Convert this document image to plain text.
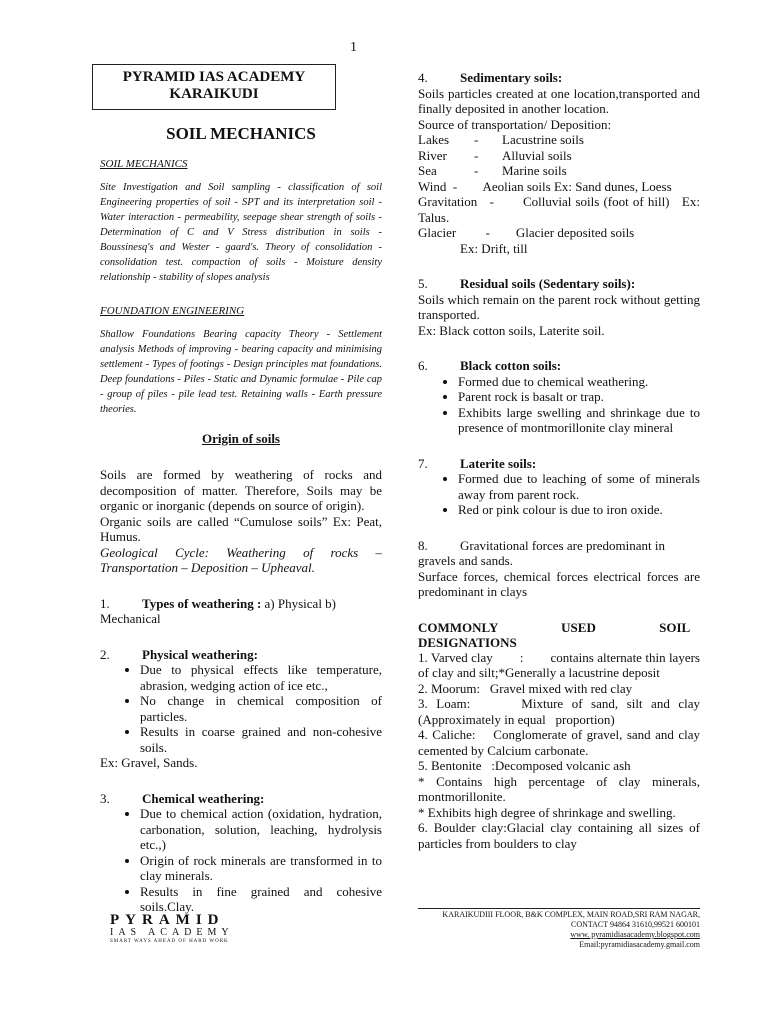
1
PYRAMID IAS ACADEMY
KARAIKUDI
SOIL MECHANICS
SOIL MECHANICS
Site Investigation and Soil sampling - classification of soil Engineering properties of soil - SPT and its interpretation soil - Water interaction - permeability, seepage shear strength of soils - Determination of C and V Stress distribution in soils - Boussinesq's and Wester - gaard's. Theory of consolidation - consolidation test. compaction of soils - Moisture density relationship - stability of slopes analysis
FOUNDATION ENGINEERING
Shallow Foundations Bearing capacity Theory - Settlement analysis Methods of improving - bearing capacity and minimising settlement - Types of footings - Design principles mat foundations. Deep foundations - Piles - Static and Dynamic formulae - Pile cap - group of piles - pile lead test. Retaining walls - Earth pressure theories.
Origin of soils

Soils are formed by weathering of rocks and decomposition of matter. Therefore, Soils may be organic or inorganic (depends on source of origin).

Organic soils are called “Cumulose soils” Ex: Peat, Humus.

Geological Cycle: Weathering of rocks – Transportation – Deposition – Upheaval.

1. Types of weathering : a) Physical b) Mechanical
2. Physical weathering:
• Due to physical effects like temperature, abrasion, wedging action of ice etc.,
• No change in chemical composition of particles.
• Results in coarse grained and non-cohesive soils.

Ex: Gravel, Sands.

3. Chemical weathering:
• Due to chemical action (oxidation, hydration, carbonation, solution, leaching, hydrolysis etc.,)
• Origin of rock minerals are transformed in to clay minerals.
• Results in fine grained and cohesive soils.Clay.
4. Sedimentary soils:

Soils particles created at one location,transported and finally deposited in another location.

Source of transportation/ Deposition:

Lakes - Lacustrine soils
River - Alluvial soils
Sea	- Marine soils

Wind  -        Aeolian soils Ex: Sand dunes, Loess

Gravitation   -       Colluvial soils (foot of hill)   Ex: Talus.

Glacier         -        Glacier deposited soils

Ex: Drift, till

5. Residual soils (Sedentary soils):

Soils which remain on the parent rock without getting transported.

Ex: Black cotton soils, Laterite soil.

6. Black cotton soils:
• Formed due to chemical weathering.
• Parent rock is basalt or trap.
• Exhibits large swelling and shrinkage due to presence of montmorillonite clay mineral
7. Laterite soils:
• Formed due to leaching of some of minerals away from parent rock.
• Red or pink colour is due to iron oxide.
8. Gravitational forces are predominant in gravels and sands.

Surface forces, chemical forces electrical forces are predominant in clays

COMMONLY USED SOIL DESIGNATIONS

1. Varved clay        :        contains alternate thin layers of clay and silt;*Generally a lacustrine deposit

2. Moorum:   Gravel mixed with red clay

3. Loam:      Mixture of sand, silt and clay (Approximately in equal   proportion)

4. Caliche:    Conglomerate of gravel, sand and clay cemented by Calcium carbonate.

5. Bentonite   :Decomposed volcanic ash

* Contains high percentage of clay minerals, montmorillonite.

* Exhibits high degree of shrinkage and swelling.

6. Boulder clay:Glacial clay containing all sizes of particles from boulders to clay

PYRAMID
IAS ACADEMY
SMART WAYS AHEAD OF HARD WORK
KARAIKUDIII FLOOR, B&K COMPLEX, MAIN ROAD,SRI RAM NAGAR,
CONTACT 94864 31610,99521 600101
www. pyramidiasacademy.blogspot.com
Email:pyramidiasacademy.gmail.com
